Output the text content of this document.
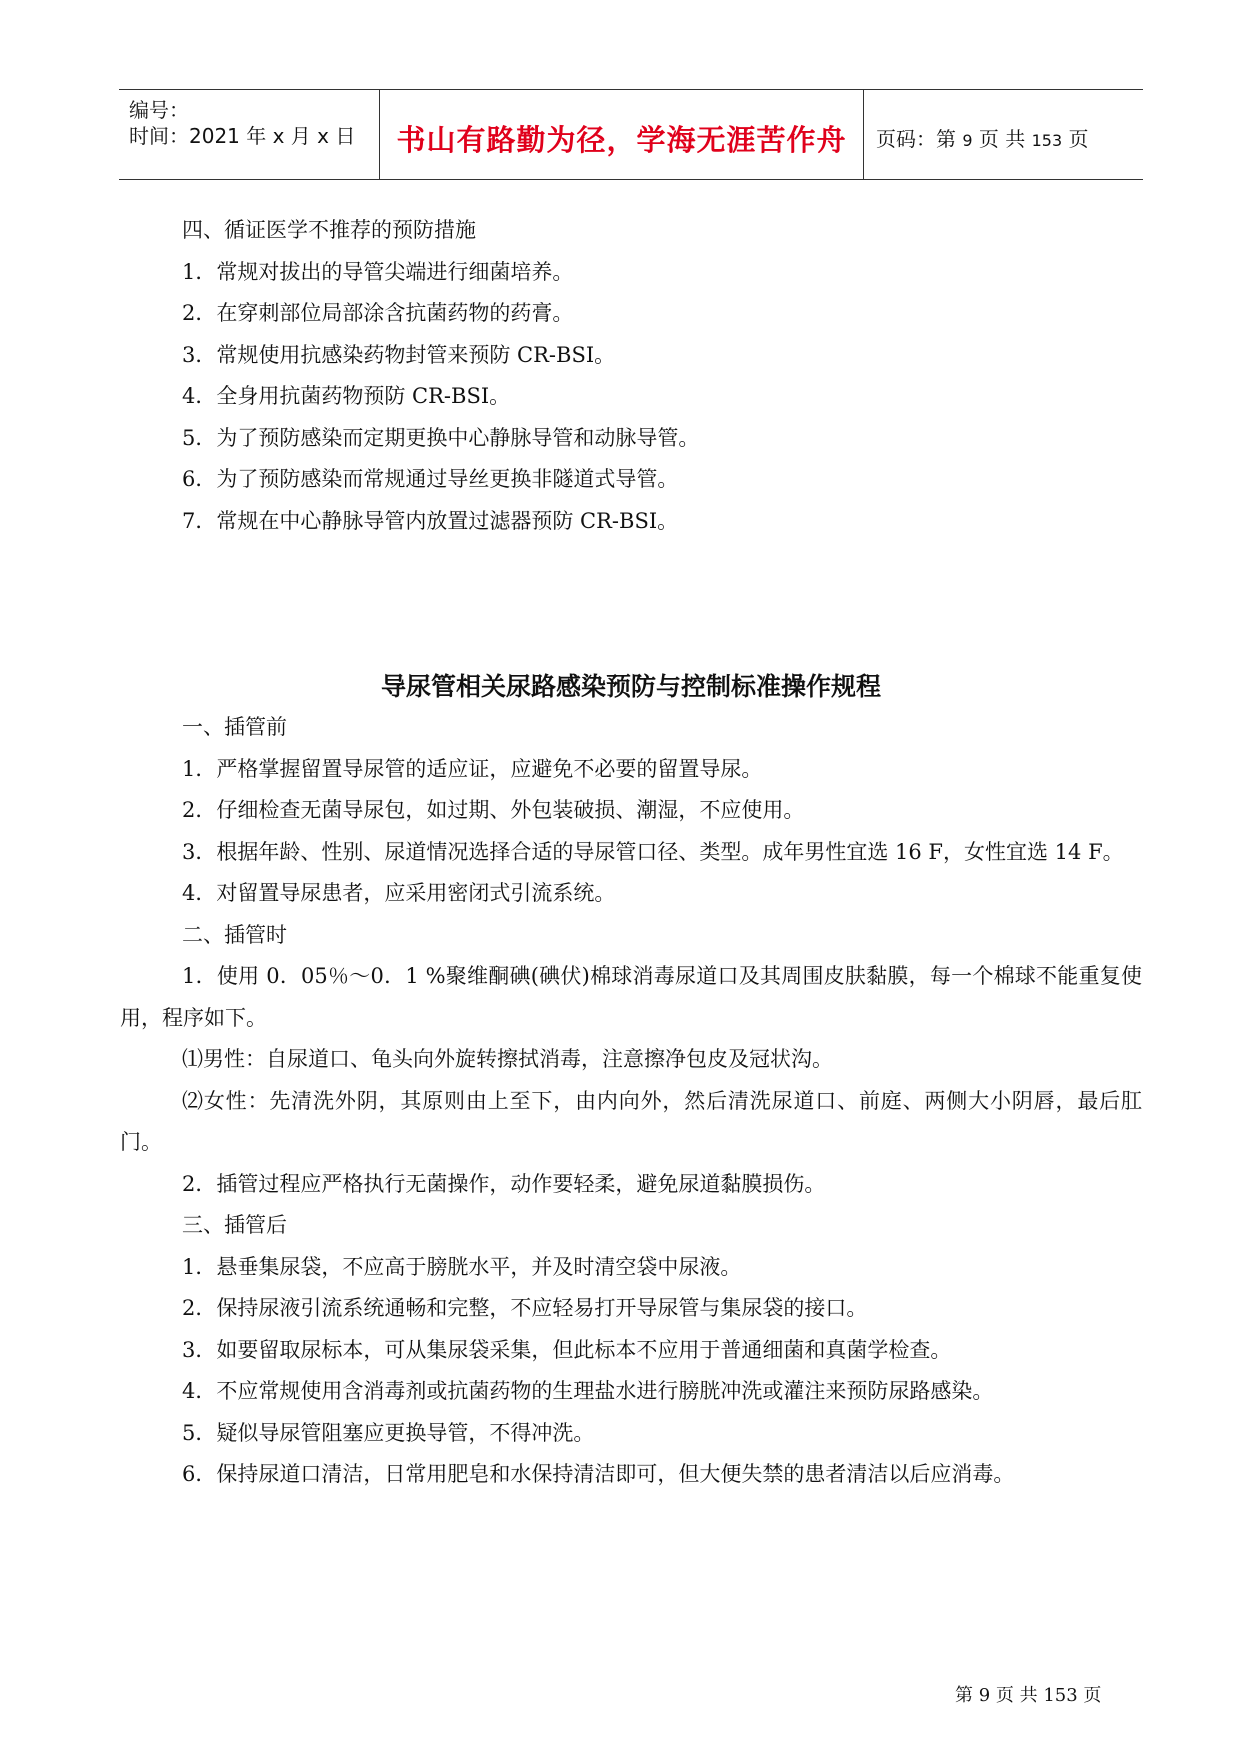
编号：
时间：2021 年 x 月 x 日	书山有路勤为径，学海无涯苦作舟	页码：第 9 页 共 153 页

四、循证医学不推荐的预防措施

1．常规对拔出的导管尖端进行细菌培养。

2．在穿刺部位局部涂含抗菌药物的药膏。

3．常规使用抗感染药物封管来预防 CR-BSI。

4．全身用抗菌药物预防 CR-BSI。

5．为了预防感染而定期更换中心静脉导管和动脉导管。

6．为了预防感染而常规通过导丝更换非隧道式导管。

7．常规在中心静脉导管内放置过滤器预防 CR-BSI。

导尿管相关尿路感染预防与控制标准操作规程

一、插管前

1．严格掌握留置导尿管的适应证，应避免不必要的留置导尿。

2．仔细检查无菌导尿包，如过期、外包装破损、潮湿，不应使用。

3．根据年龄、性别、尿道情况选择合适的导尿管口径、类型。成年男性宜选 16 F，女性宜选 14 F。

4．对留置导尿患者，应采用密闭式引流系统。

二、插管时

1．使用 0．05％～0．1 %聚维酮碘(碘伏)棉球消毒尿道口及其周围皮肤黏膜，每一个棉球不能重复使用，程序如下。

⑴男性：自尿道口、龟头向外旋转擦拭消毒，注意擦净包皮及冠状沟。

⑵女性：先清洗外阴，其原则由上至下，由内向外，然后清洗尿道口、前庭、两侧大小阴唇，最后肛门。

2．插管过程应严格执行无菌操作，动作要轻柔，避免尿道黏膜损伤。

三、插管后

1．悬垂集尿袋，不应高于膀胱水平，并及时清空袋中尿液。

2．保持尿液引流系统通畅和完整，不应轻易打开导尿管与集尿袋的接口。

3．如要留取尿标本，可从集尿袋采集，但此标本不应用于普通细菌和真菌学检查。

4．不应常规使用含消毒剂或抗菌药物的生理盐水进行膀胱冲洗或灌注来预防尿路感染。

5．疑似导尿管阻塞应更换导管，不得冲洗。

6．保持尿道口清洁，日常用肥皂和水保持清洁即可，但大便失禁的患者清洁以后应消毒。

第 9 页 共 153 页
